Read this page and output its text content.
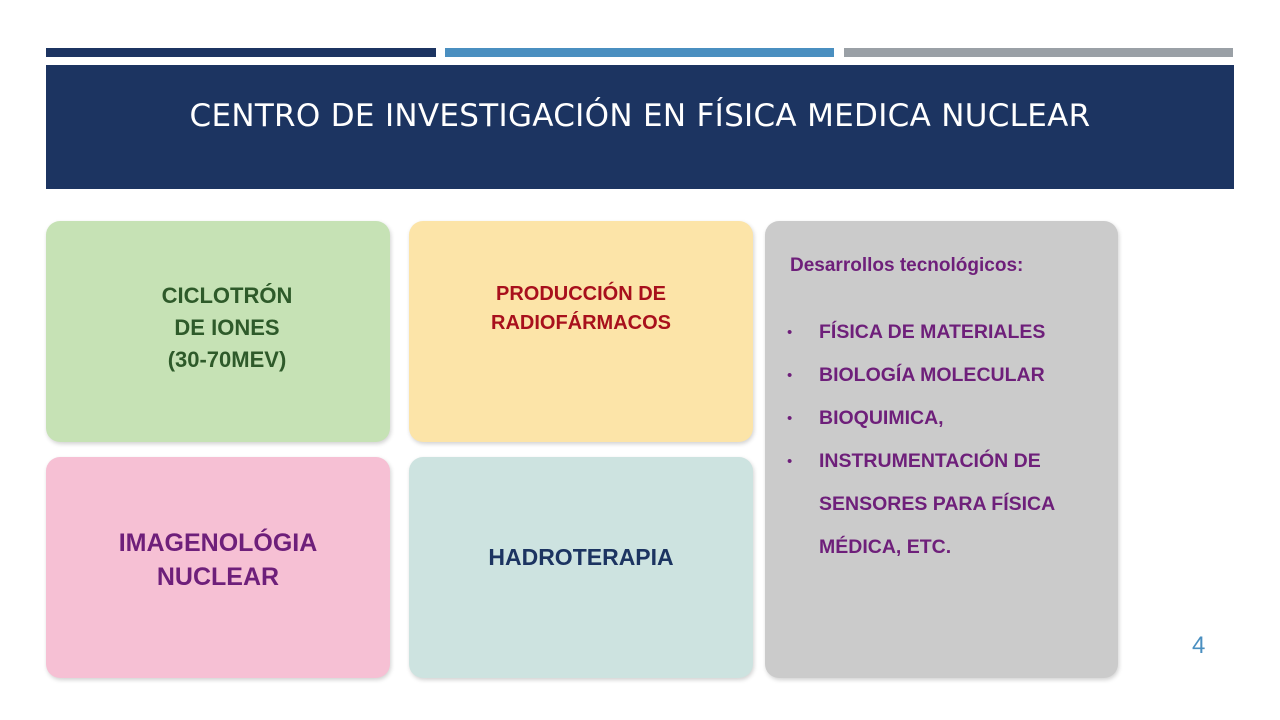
CENTRO DE INVESTIGACIÓN EN FÍSICA MEDICA NUCLEAR
CICLOTRÓN
DE IONES
(30-70MEV)
PRODUCCIÓN DE
RADIOFÁRMACOS
IMAGENOLÓGIA
NUCLEAR
HADROTERAPIA
Desarrollos tecnológicos:
• FÍSICA DE MATERIALES
• BIOLOGÍA MOLECULAR
• BIOQUIMICA,
• INSTRUMENTACIÓN DE SENSORES PARA FÍSICA MÉDICA, ETC.
4
